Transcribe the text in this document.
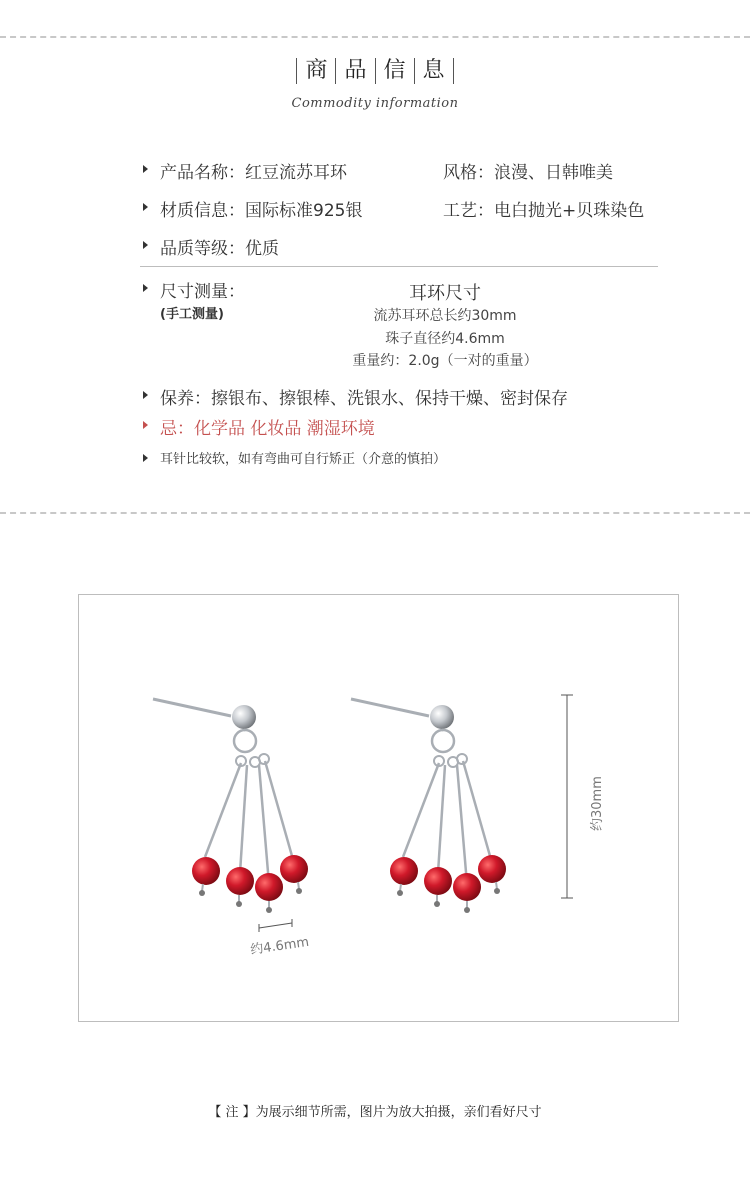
商 品 信 息
Commodity information
产品名称：红豆流苏耳环	风格：浪漫、日韩唯美
材质信息：国际标准925银	工艺：电白抛光+贝珠染色
品质等级：优质
尺寸测量：
(手工测量)
耳环尺寸
流苏耳环总长约30mm
珠子直径约4.6mm
重量约：2.0g（一对的重量）
保养：擦银布、擦银棒、洗银水、保持干燥、密封保存
忌：化学品 化妆品 潮湿环境
耳针比较软，如有弯曲可自行矫正（介意的慎拍）
约4.6mm
约30mm
【 注 】为展示细节所需，图片为放大拍摄，亲们看好尺寸
